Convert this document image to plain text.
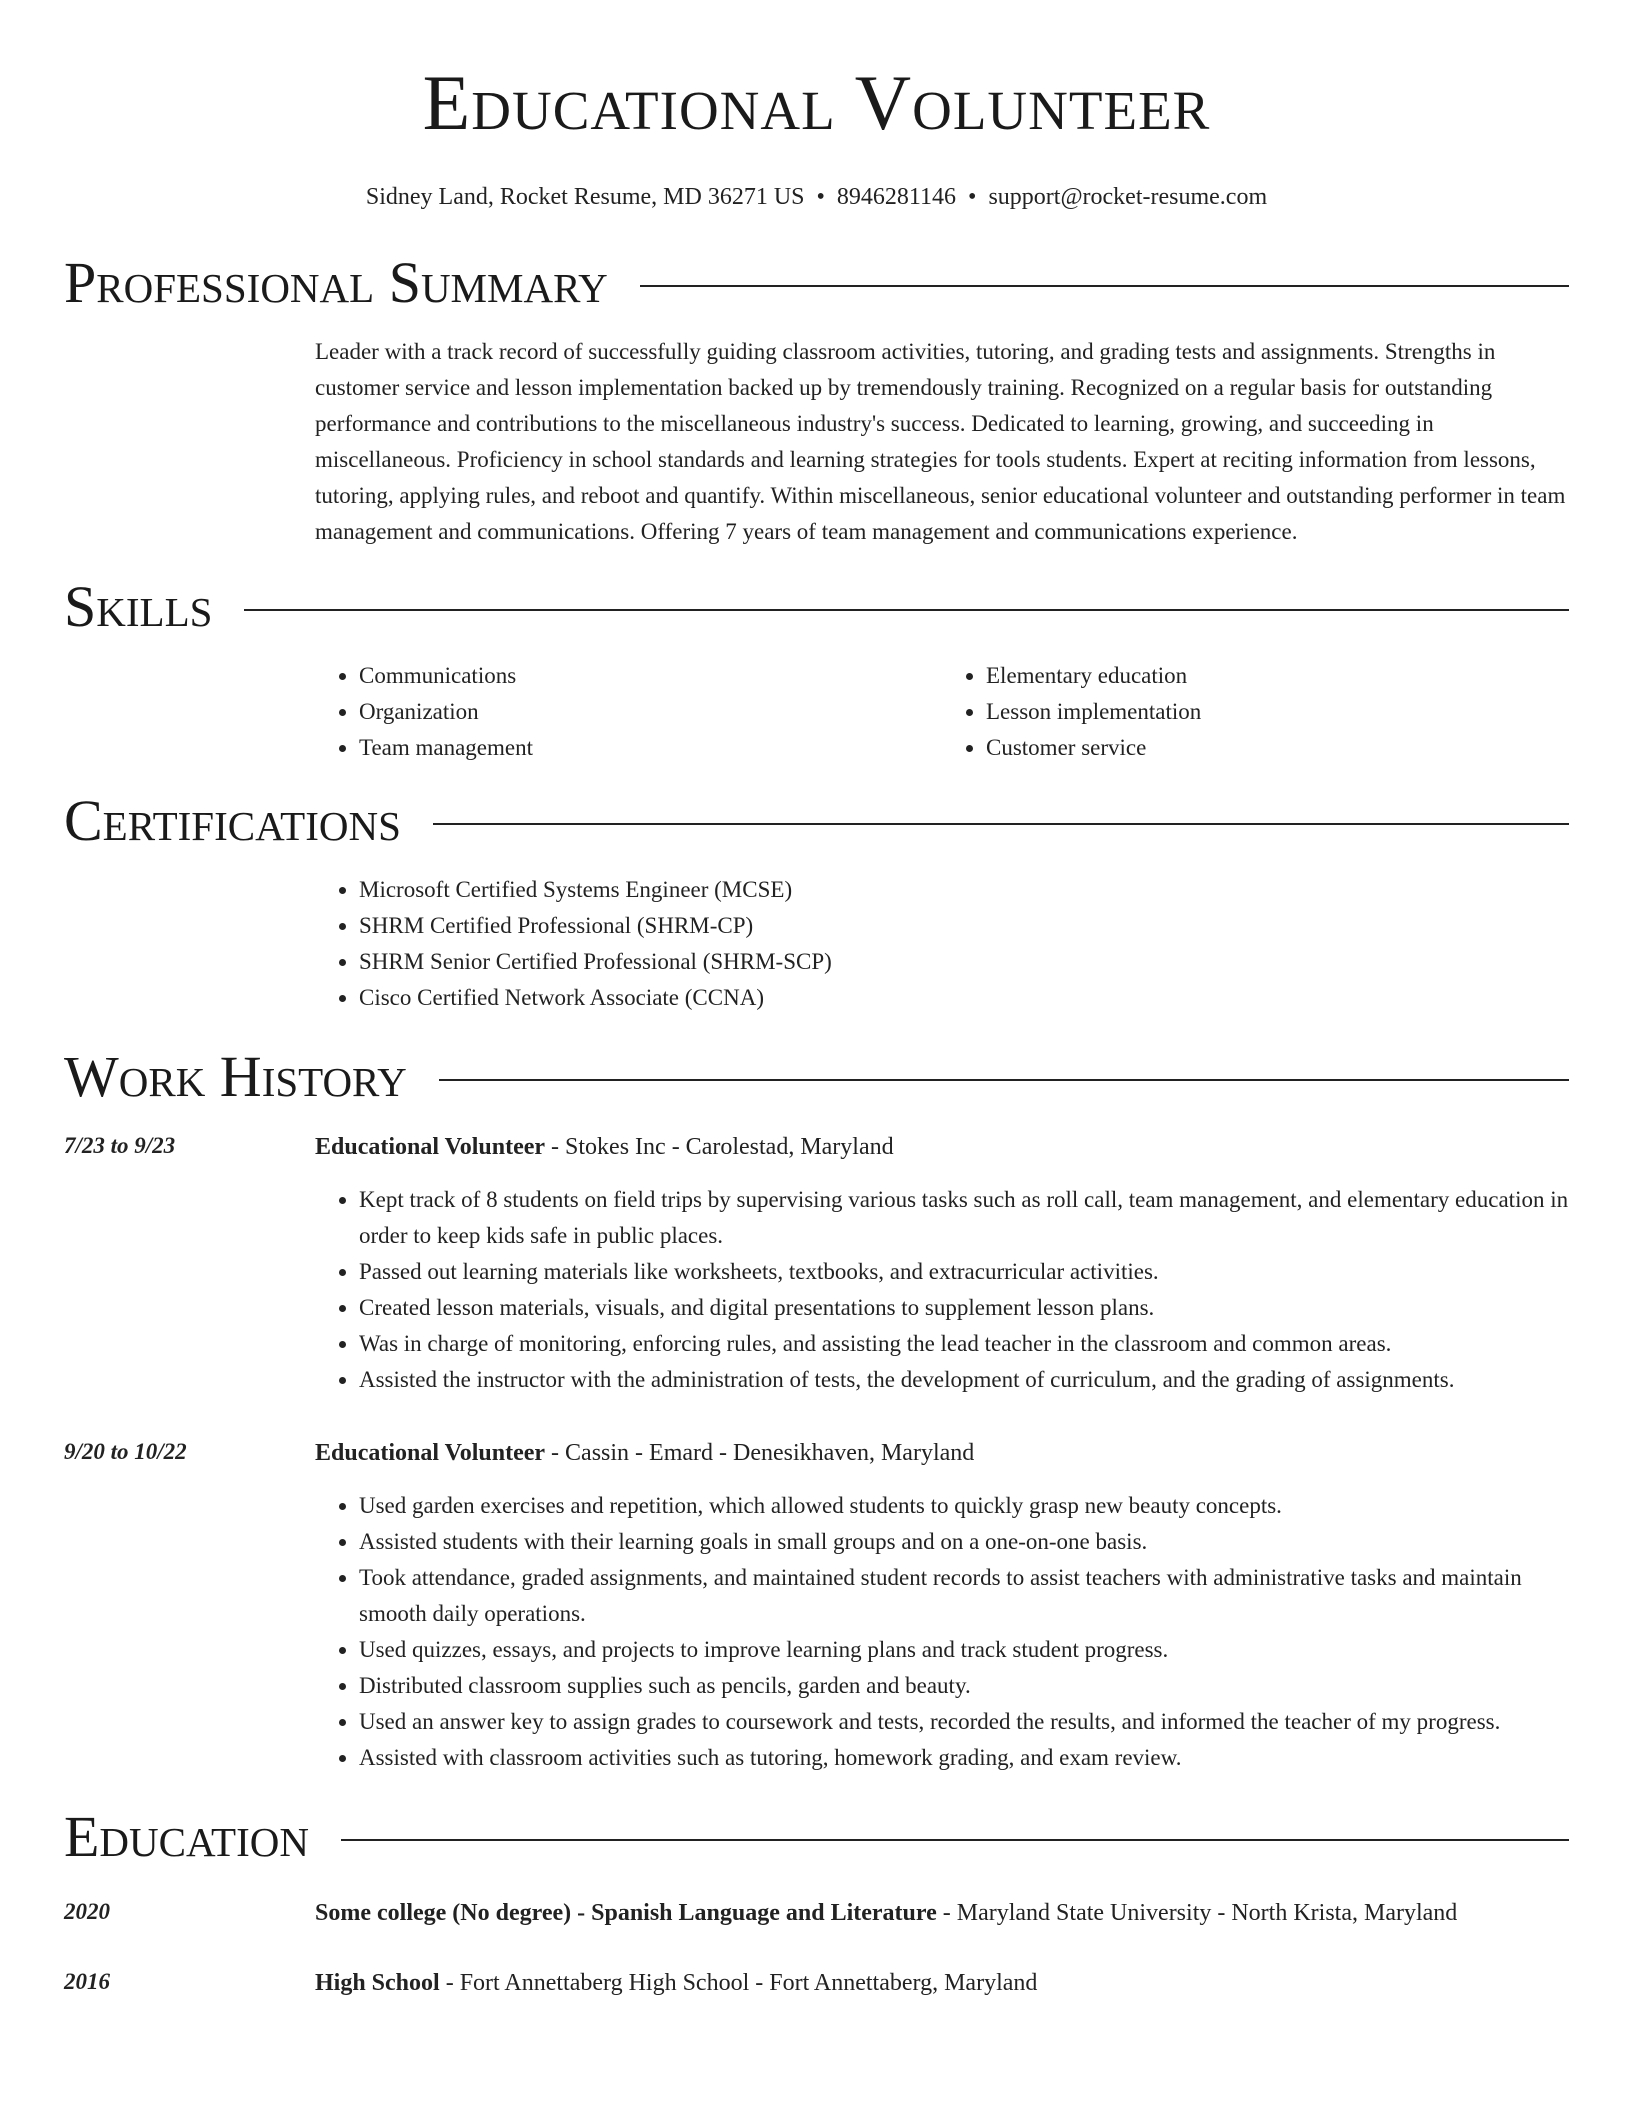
Educational Volunteer
Sidney Land, Rocket Resume, MD 36271 US • 8946281146 • support@rocket-resume.com
Professional Summary
Leader with a track record of successfully guiding classroom activities, tutoring, and grading tests and assignments. Strengths in customer service and lesson implementation backed up by tremendously training. Recognized on a regular basis for outstanding performance and contributions to the miscellaneous industry's success. Dedicated to learning, growing, and succeeding in miscellaneous. Proficiency in school standards and learning strategies for tools students. Expert at reciting information from lessons, tutoring, applying rules, and reboot and quantify. Within miscellaneous, senior educational volunteer and outstanding performer in team management and communications. Offering 7 years of team management and communications experience.
Skills
• Communications
• Organization
• Team management
• Elementary education
• Lesson implementation
• Customer service
Certifications
• Microsoft Certified Systems Engineer (MCSE)
• SHRM Certified Professional (SHRM-CP)
• SHRM Senior Certified Professional (SHRM-SCP)
• Cisco Certified Network Associate (CCNA)
Work History
7/23 to 9/23	Educational Volunteer - Stokes Inc - Carolestad, Maryland
• Kept track of 8 students on field trips by supervising various tasks such as roll call, team management, and elementary education in order to keep kids safe in public places.
• Passed out learning materials like worksheets, textbooks, and extracurricular activities.
• Created lesson materials, visuals, and digital presentations to supplement lesson plans.
• Was in charge of monitoring, enforcing rules, and assisting the lead teacher in the classroom and common areas.
• Assisted the instructor with the administration of tests, the development of curriculum, and the grading of assignments.
9/20 to 10/22	Educational Volunteer - Cassin - Emard - Denesikhaven, Maryland
• Used garden exercises and repetition, which allowed students to quickly grasp new beauty concepts.
• Assisted students with their learning goals in small groups and on a one-on-one basis.
• Took attendance, graded assignments, and maintained student records to assist teachers with administrative tasks and maintain smooth daily operations.
• Used quizzes, essays, and projects to improve learning plans and track student progress.
• Distributed classroom supplies such as pencils, garden and beauty.
• Used an answer key to assign grades to coursework and tests, recorded the results, and informed the teacher of my progress.
• Assisted with classroom activities such as tutoring, homework grading, and exam review.
Education
2020	Some college (No degree) - Spanish Language and Literature - Maryland State University - North Krista, Maryland
2016	High School - Fort Annettaberg High School - Fort Annettaberg, Maryland
